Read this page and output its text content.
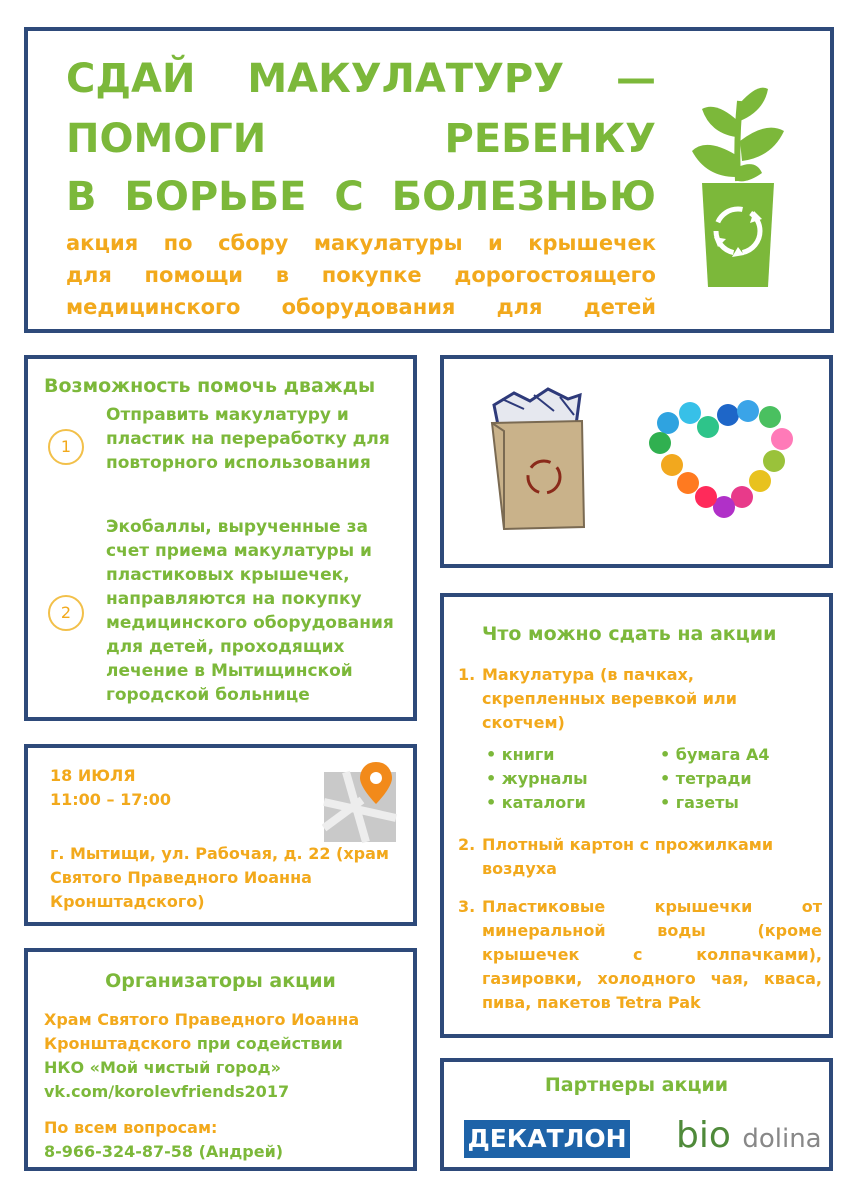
СДАЙ МАКУЛАТУРУ —
ПОМОГИ РЕБЕНКУ
В БОРЬБЕ С БОЛЕЗНЬЮ
акция по сбору макулатуры и крышечек
для помощи в покупке дорогостоящего
медицинского оборудования для детей
Возможность помочь дважды
1
Отправить макулатуру и пластик на переработку для повторного использования
2
Экобаллы, вырученные за счет приема макулатуры и пластиковых крышечек, направляются на покупку медицинского оборудования для детей, проходящих лечение в Мытищинской городской больнице
18 ИЮЛЯ
11:00 – 17:00
г. Мытищи, ул. Рабочая, д. 22 (храм Святого Праведного Иоанна Кронштадского)
Организаторы акции
Храм Святого Праведного Иоанна Кронштадского при содействии
НКО «Мой чистый город»
vk.com/korolevfriends2017
По всем вопросам:
8-966-324-87-58 (Андрей)
Что можно сдать на акции
1. Макулатура (в пачках, скрепленных веревкой или скотчем)
• книги
• журналы
• каталоги
• бумага А4
• тетради
• газеты
2. Плотный картон с прожилками воздуха
3. Пластиковые крышечки от минеральной воды (кроме крышечек с колпачками), газировки, холодного чая, кваса, пива, пакетов Tetra Pak
Партнеры акции
ДЕКАТЛОН bio dolina
